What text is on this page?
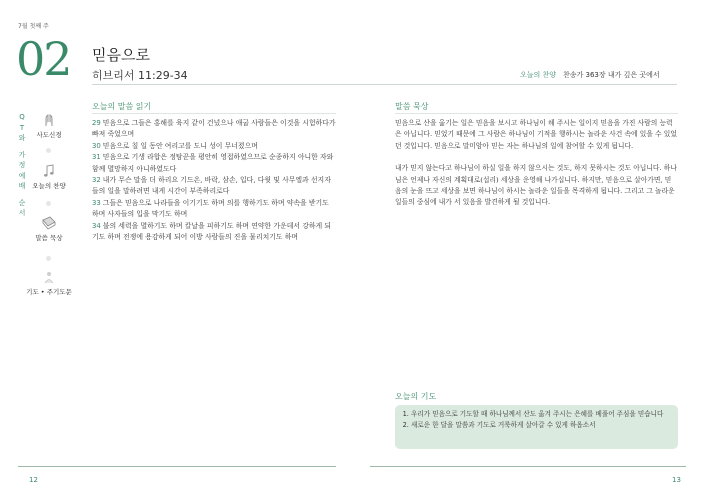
7월 첫째 주
02 믿음으로
히브리서 11:29-34	오늘의 찬양 찬송가 363장 내가 깊은 곳에서
Q
T
와
가
정
예
배
순
서
사도신경
오늘의 찬양
말씀 묵상
기도 • 주기도문
오늘의 말씀 읽기

29 믿음으로 그들은 홍해를 육지 같이 건넜으나 애굽 사람들은 이것을 시험하다가 빠져 죽었으며

30 믿음으로 칠 일 동안 여리고를 도니 성이 무너졌으며

31 믿음으로 기생 라합은 정탐꾼을 평안히 영접하였으므로 순종하지 아니한 자와 함께 멸망하지 아니하였도다

32 내가 무슨 말을 더 하리요 기드온, 바락, 삼손, 입다, 다윗 및 사무엘과 선지자들의 일을 말하려면 내게 시간이 부족하리로다

33 그들은 믿음으로 나라들을 이기기도 하며 의를 행하기도 하며 약속을 받기도 하며 사자들의 입을 막기도 하며

34 불의 세력을 멸하기도 하며 칼날을 피하기도 하며 연약한 가운데서 강하게 되기도 하며 전쟁에 용감하게 되어 이방 사람들의 진을 물리치기도 하며

말씀 묵상

믿음으로 산을 옮기는 일은 믿음을 보시고 하나님이 해 주시는 일이지 믿음을 가진 사람의 능력은 아닙니다. 믿었기 때문에 그 사람은 하나님이 기적을 행하시는 놀라운 사건 속에 있을 수 있었던 것입니다. 믿음으로 말미암아 믿는 자는 하나님의 일에 참여할 수 있게 됩니다.

내가 믿지 않는다고 하나님이 하실 일을 하지 않으시는 것도, 하지 못하시는 것도 아닙니다. 하나님은 언제나 자신의 계획대로(섭리) 세상을 운영해 나가십니다. 하지만, 믿음으로 살아가면, 믿음의 눈을 뜨고 세상을 보면 하나님이 하시는 놀라운 일들을 목격하게 됩니다. 그리고 그 놀라운 일들의 중심에 내가 서 있음을 발견하게 될 것입니다.

오늘의 기도
1. 우리가 믿음으로 기도할 때 하나님께서 산도 옮겨 주시는 은혜를 베풀어 주심을 믿습니다
2. 새로운 한 달을 말씀과 기도로 거룩하게 살아갈 수 있게 하옵소서
12	13
